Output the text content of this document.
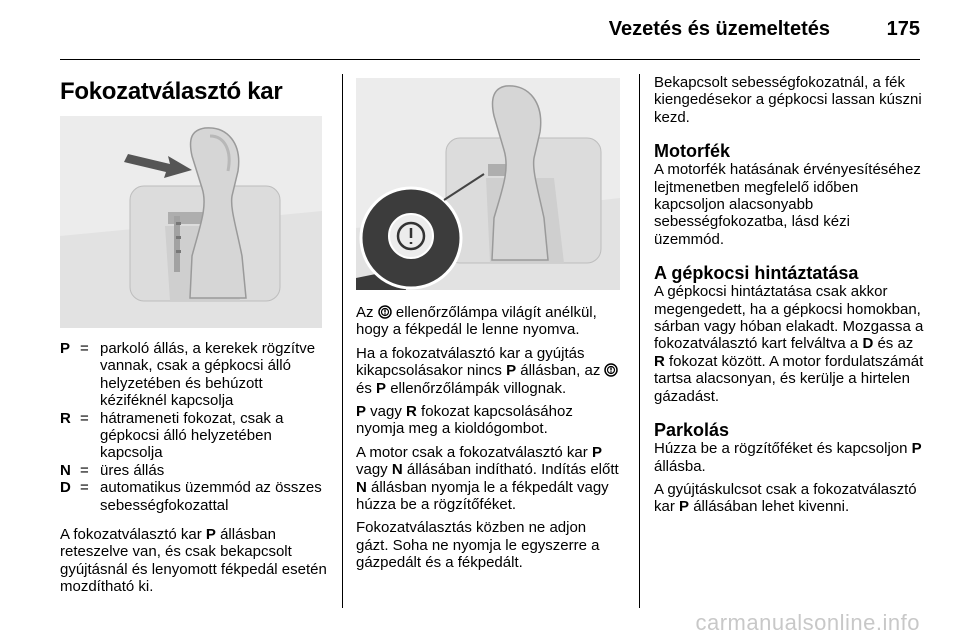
Vezetés és üzemeltetés	175
Fokozatválasztó kar
P = parkoló állás, a kerekek rögzítve vannak, csak a gépkocsi álló helyzetében és behúzott kéziféknél kapcsolja
R = hátrameneti fokozat, csak a gépkocsi álló helyzetében kapcsolja
N = üres állás
D = automatikus üzemmód az összes sebességfokozattal

A fokozatválasztó kar P állásban reteszelve van, és csak bekapcsolt gyújtásnál és lenyomott fékpedál esetén mozdítható ki.

Az  ellenőrzőlámpa világít anélkül, hogy a fékpedál le lenne nyomva.

Ha a fokozatválasztó kar a gyújtás kikapcsolásakor nincs P állásban, az  és P ellenőrzőlámpák villognak.

P vagy R fokozat kapcsolásához nyomja meg a kioldógombot.

A motor csak a fokozatválasztó kar P vagy N állásában indítható. Indítás előtt N állásban nyomja le a fékpedált vagy húzza be a rögzítőféket.

Fokozatválasztás közben ne adjon gázt. Soha ne nyomja le egyszerre a gázpedált és a fékpedált.

Bekapcsolt sebességfokozatnál, a fék kiengedésekor a gépkocsi lassan kúszni kezd.

Motorfék

A motorfék hatásának érvényesítéséhez lejtmenetben megfelelő időben kapcsoljon alacsonyabb sebességfokozatba, lásd kézi üzemmód.

A gépkocsi hintáztatása

A gépkocsi hintáztatása csak akkor megengedett, ha a gépkocsi homokban, sárban vagy hóban elakadt. Mozgassa a fokozatválasztó kart felváltva a D és az R fokozat között. A motor fordulatszámát tartsa alacsonyan, és kerülje a hirtelen gázadást.

Parkolás

Húzza be a rögzítőféket és kapcsoljon P állásba.

A gyújtáskulcsot csak a fokozatválasztó kar P állásában lehet kivenni.

carmanualsonline.info
